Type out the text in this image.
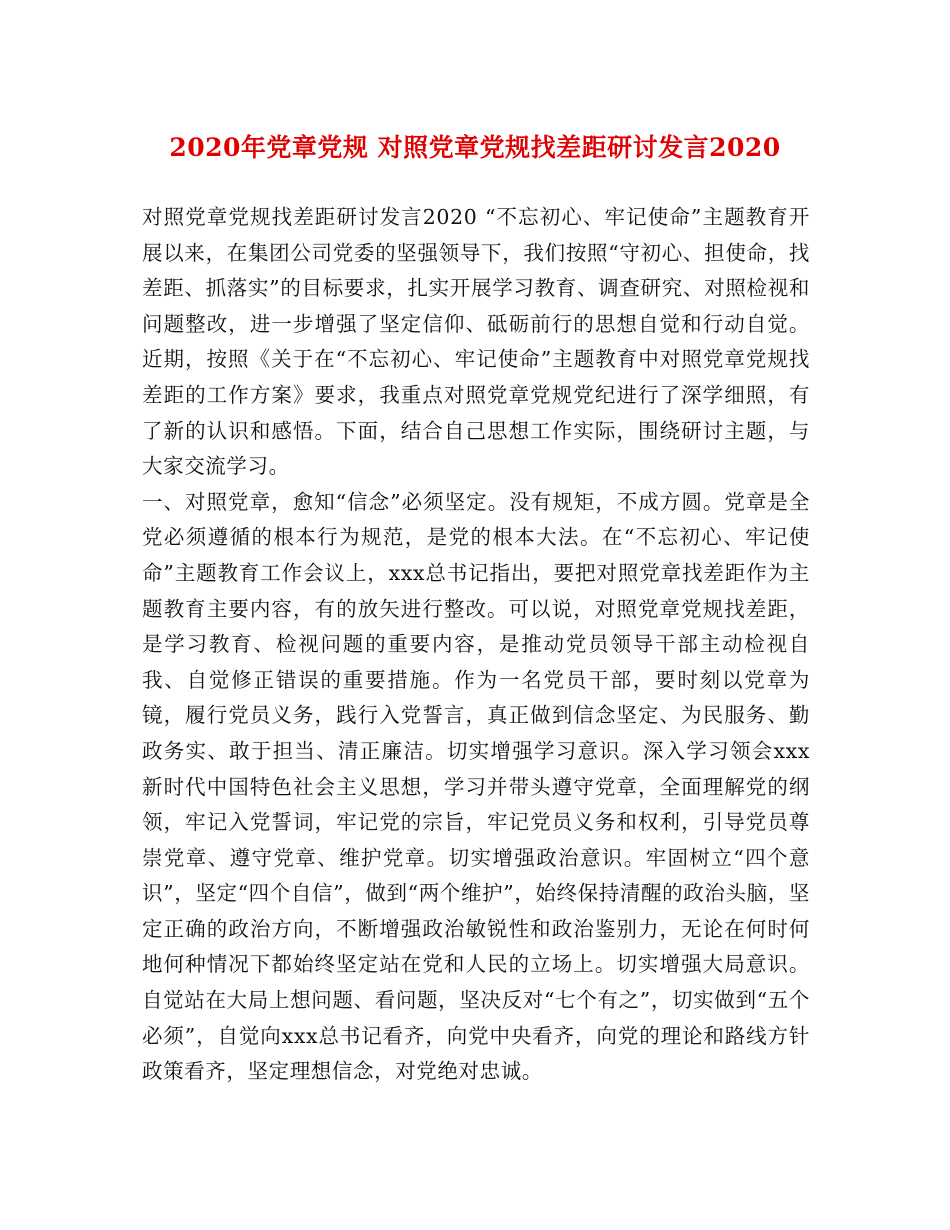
2020年党章党规 对照党章党规找差距研讨发言2020

对照党章党规找差距研讨发言2020 “不忘初心、牢记使命”主题教育开展以来，在集团公司党委的坚强领导下，我们按照“守初心、担使命，找差距、抓落实”的目标要求，扎实开展学习教育、调查研究、对照检视和问题整改，进一步增强了坚定信仰、砥砺前行的思想自觉和行动自觉。近期，按照《关于在“不忘初心、牢记使命”主题教育中对照党章党规找差距的工作方案》要求，我重点对照党章党规党纪进行了深学细照，有了新的认识和感悟。下面，结合自己思想工作实际，围绕研讨主题，与大家交流学习。

一、对照党章，愈知“信念”必须坚定。没有规矩，不成方圆。党章是全党必须遵循的根本行为规范，是党的根本大法。在“不忘初心、牢记使命”主题教育工作会议上，xxx总书记指出，要把对照党章找差距作为主题教育主要内容，有的放矢进行整改。可以说，对照党章党规找差距，是学习教育、检视问题的重要内容，是推动党员领导干部主动检视自我、自觉修正错误的重要措施。作为一名党员干部，要时刻以党章为镜，履行党员义务，践行入党誓言，真正做到信念坚定、为民服务、勤政务实、敢于担当、清正廉洁。切实增强学习意识。深入学习领会xxx新时代中国特色社会主义思想，学习并带头遵守党章，全面理解党的纲领，牢记入党誓词，牢记党的宗旨，牢记党员义务和权利，引导党员尊崇党章、遵守党章、维护党章。切实增强政治意识。牢固树立“四个意识”，坚定“四个自信”，做到“两个维护”，始终保持清醒的政治头脑，坚定正确的政治方向，不断增强政治敏锐性和政治鉴别力，无论在何时何地何种情况下都始终坚定站在党和人民的立场上。切实增强大局意识。自觉站在大局上想问题、看问题，坚决反对“七个有之”，切实做到“五个必须”，自觉向xxx总书记看齐，向党中央看齐，向党的理论和路线方针政策看齐，坚定理想信念，对党绝对忠诚。
